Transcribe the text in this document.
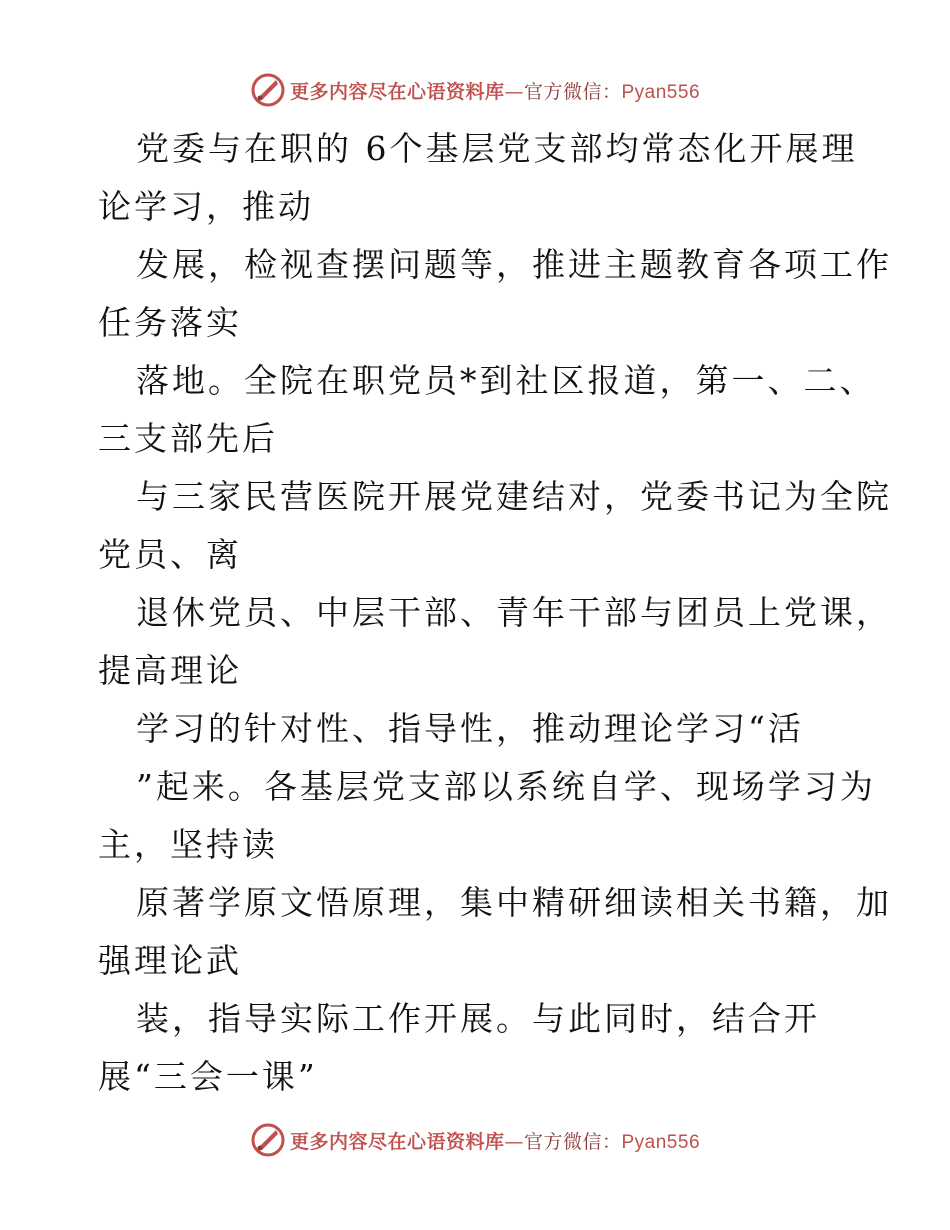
更多内容尽在心语资料库—官方微信：Pyan556
党委与在职的 6个基层党支部均常态化开展理
论学习，推动
发展，检视查摆问题等，推进主题教育各项工作
任务落实
落地。全院在职党员*到社区报道，第一、二、
三支部先后
与三家民营医院开展党建结对，党委书记为全院
党员、离
退休党员、中层干部、青年干部与团员上党课，
提高理论
学习的针对性、指导性，推动理论学习“活
”起来。各基层党支部以系统自学、现场学习为
主，坚持读
原著学原文悟原理，集中精研细读相关书籍，加
强理论武
装，指导实际工作开展。与此同时，结合开
展“三会一课”
更多内容尽在心语资料库—官方微信：Pyan556
